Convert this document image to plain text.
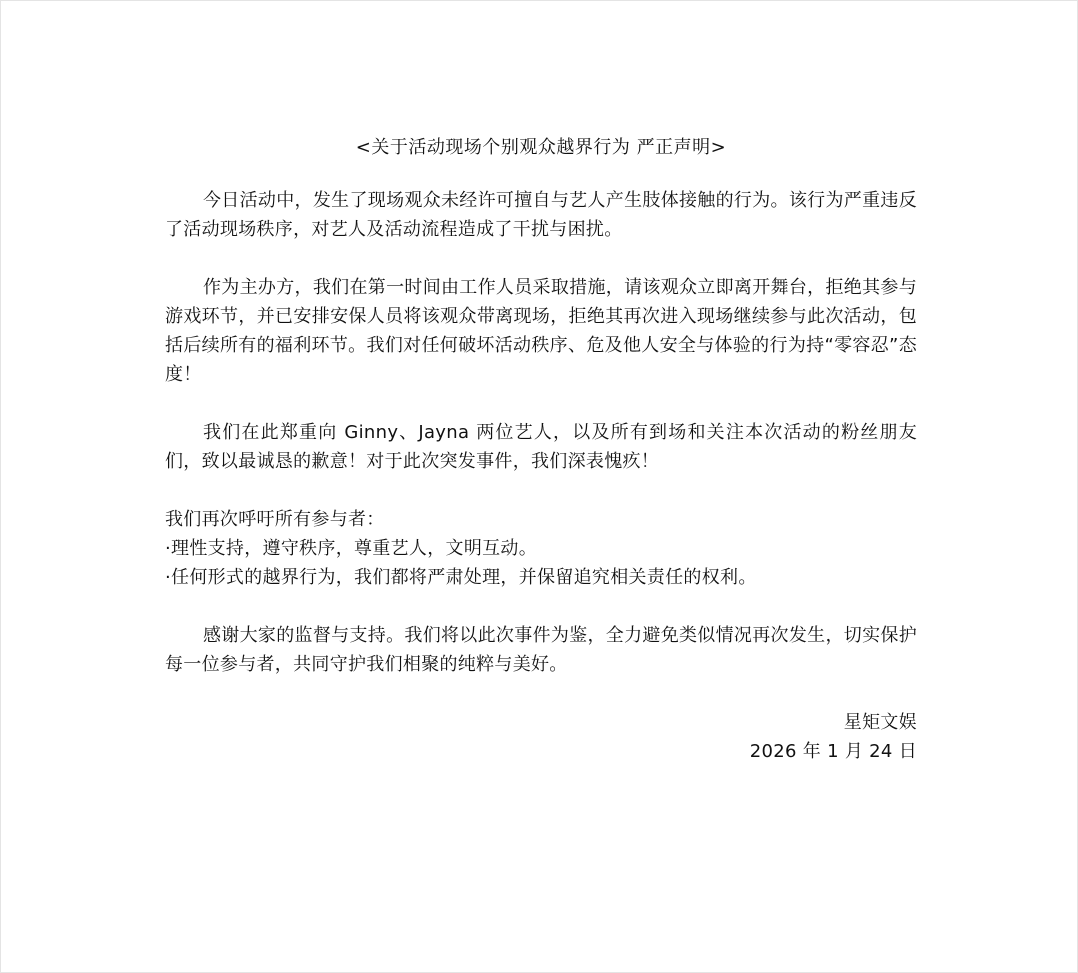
<关于活动现场个别观众越界行为 严正声明>

今日活动中，发生了现场观众未经许可擅自与艺人产生肢体接触的行为。该行为严重违反了活动现场秩序，对艺人及活动流程造成了干扰与困扰。

作为主办方，我们在第一时间由工作人员采取措施，请该观众立即离开舞台，拒绝其参与游戏环节，并已安排安保人员将该观众带离现场，拒绝其再次进入现场继续参与此次活动，包括后续所有的福利环节。我们对任何破坏活动秩序、危及他人安全与体验的行为持“零容忍”态度！

我们在此郑重向 Ginny、Jayna 两位艺人，以及所有到场和关注本次活动的粉丝朋友们，致以最诚恳的歉意！对于此次突发事件，我们深表愧疚！

我们再次呼吁所有参与者：

·理性支持，遵守秩序，尊重艺人，文明互动。
·任何形式的越界行为，我们都将严肃处理，并保留追究相关责任的权利。

感谢大家的监督与支持。我们将以此次事件为鉴，全力避免类似情况再次发生，切实保护每一位参与者，共同守护我们相聚的纯粹与美好。

星矩文娱

2026 年 1 月 24 日
